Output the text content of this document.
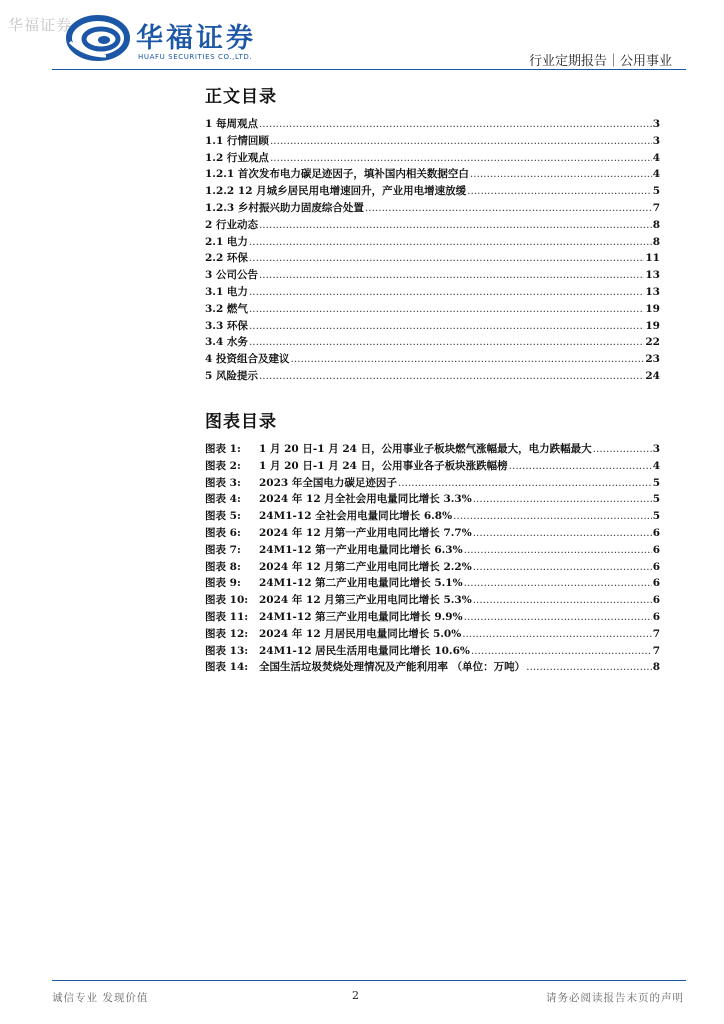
华福证券 华福证券
HUAFU SECURITIES CO.,LTD.	行业定期报告｜公用事业
正文目录
1 每周观点 .....	3
1.1 行情回顾 .....	3
1.2 行业观点 .....	4
1.2.1 首次发布电力碳足迹因子，填补国内相关数据空白 .....	4
1.2.2 12 月城乡居民用电增速回升，产业用电增速放缓 .....	5
1.2.3 乡村振兴助力固废综合处置 .....	7
2 行业动态 .....	8
2.1 电力 .....	8
2.2 环保 .....	11
3 公司公告 .....	13
3.1 电力 .....	13
3.2 燃气 .....	19
3.3 环保 .....	19
3.4 水务 .....	22
4 投资组合及建议 .....	23
5 风险提示 .....	24
图表目录
图表 1: 1 月 20 日-1 月 24 日，公用事业子板块燃气涨幅最大，电力跌幅最大 .....	3
图表 2: 1 月 20 日-1 月 24 日，公用事业各子板块涨跌幅榜 .....	4
图表 3: 2023 年全国电力碳足迹因子 .....	5
图表 4: 2024 年 12 月全社会用电量同比增长 3.3% .....	5
图表 5: 24M1-12 全社会用电量同比增长 6.8% .....	5
图表 6: 2024 年 12 月第一产业用电同比增长 7.7% .....	6
图表 7: 24M1-12 第一产业用电量同比增长 6.3% .....	6
图表 8: 2024 年 12 月第二产业用电同比增长 2.2% .....	6
图表 9: 24M1-12 第二产业用电量同比增长 5.1% .....	6
图表 10: 2024 年 12 月第三产业用电同比增长 5.3% .....	6
图表 11: 24M1-12 第三产业用电量同比增长 9.9% .....	6
图表 12: 2024 年 12 月居民用电量同比增长 5.0% .....	7
图表 13: 24M1-12 居民生活用电量同比增长 10.6% .....	7
图表 14: 全国生活垃圾焚烧处理情况及产能利用率 （单位：万吨） .....	8
诚信专业 发现价值	2	请务必阅读报告末页的声明
